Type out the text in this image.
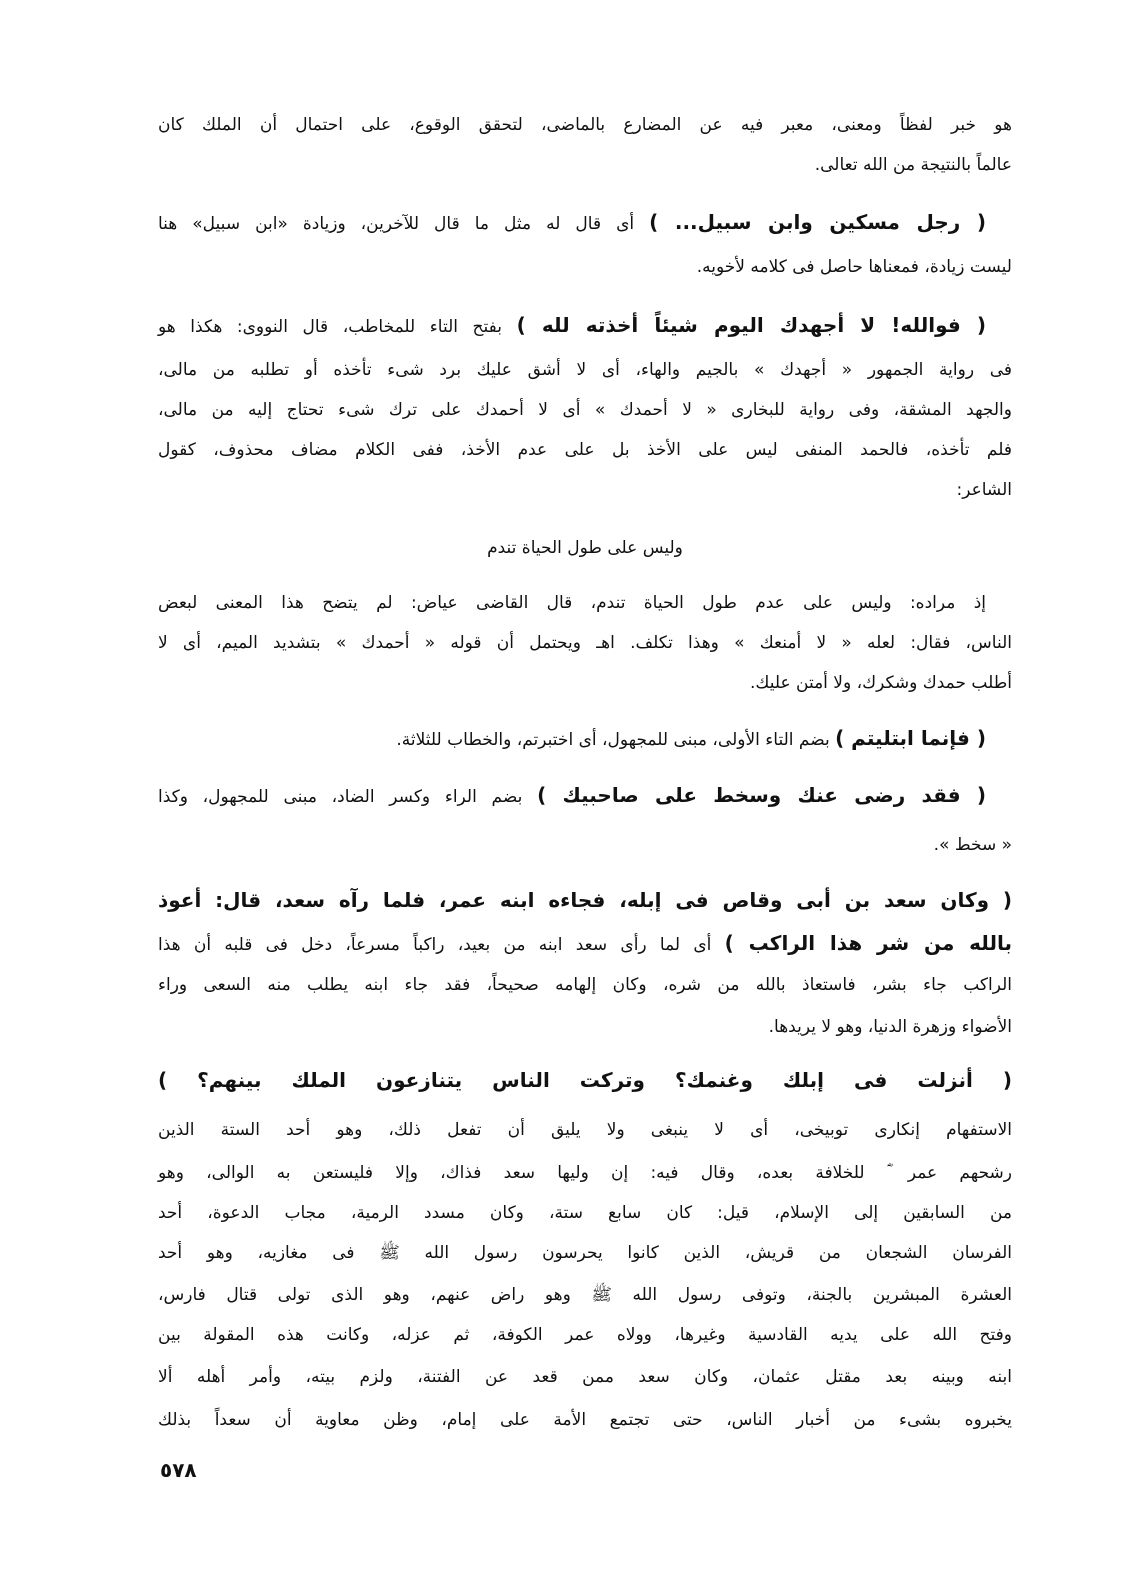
هو خبر لفظاً ومعنى، معبر فيه عن المضارع بالماضى، لتحقق الوقوع، على احتمال أن الملك كان
عالماً بالنتيجة من الله تعالى.
( رجل مسكين وابن سبيل... ) أى قال له مثل ما قال للآخرين، وزيادة «ابن سبيل» هنا
ليست زيادة، فمعناها حاصل فى كلامه لأخويه.
( فوالله! لا أجهدك اليوم شيئاً أخذته لله ) بفتح التاء للمخاطب، قال النووى: هكذا هو
فى رواية الجمهور « أجهدك » بالجيم والهاء، أى لا أشق عليك برد شىء تأخذه أو تطلبه من مالى،
والجهد المشقة، وفى رواية للبخارى « لا أحمدك » أى لا أحمدك على ترك شىء تحتاج إليه من مالى،
فلم تأخذه، فالحمد المنفى ليس على الأخذ بل على عدم الأخذ، ففى الكلام مضاف محذوف، كقول
الشاعر:
وليس على طول الحياة تندم
إذ مراده: وليس على عدم طول الحياة تندم، قال القاضى عياض: لم يتضح هذا المعنى لبعض
الناس، فقال: لعله « لا أمنعك » وهذا تكلف. اهـ ويحتمل أن قوله « أحمدك » بتشديد الميم، أى لا
أطلب حمدك وشكرك، ولا أمتن عليك.
( فإنما ابتليتم ) بضم التاء الأولى، مبنى للمجهول، أى اختبرتم، والخطاب للثلاثة.
( فقد رضى عنك وسخط على صاحبيك ) بضم الراء وكسر الضاد، مبنى للمجهول، وكذا
« سخط ».
( وكان سعد بن أبى وقاص فى إبله، فجاءه ابنه عمر، فلما رآه سعد، قال: أعوذ
بالله من شر هذا الراكب ) أى لما رأى سعد ابنه من بعيد، راكباً مسرعاً، دخل فى قلبه أن هذا
الراكب جاء بشر، فاستعاذ بالله من شره، وكان إلهامه صحيحاً، فقد جاء ابنه يطلب منه السعى وراء
الأضواء وزهرة الدنيا، وهو لا يريدها.
( أنزلت فى إبلك وغنمك؟ وتركت الناس يتنازعون الملك بينهم؟ )
الاستفهام إنكارى توبيخى، أى لا ينبغى ولا يليق أن تفعل ذلك، وهو أحد الستة الذين
رشحهم عمر ؓ للخلافة بعده، وقال فيه: إن وليها سعد فذاك، وإلا فليستعن به الوالى، وهو
من السابقين إلى الإسلام، قيل: كان سابع ستة، وكان مسدد الرمية، مجاب الدعوة، أحد
الفرسان الشجعان من قريش، الذين كانوا يحرسون رسول الله ﷺ فى مغازيه، وهو أحد
العشرة المبشرين بالجنة، وتوفى رسول الله ﷺ وهو راض عنهم، وهو الذى تولى قتال فارس،
وفتح الله على يديه القادسية وغيرها، وولاه عمر الكوفة، ثم عزله، وكانت هذه المقولة بين
ابنه وبينه بعد مقتل عثمان، وكان سعد ممن قعد عن الفتنة، ولزم بيته، وأمر أهله ألا
يخبروه بشىء من أخبار الناس، حتى تجتمع الأمة على إمام، وظن معاوية أن سعداً بذلك
٥٧٨
